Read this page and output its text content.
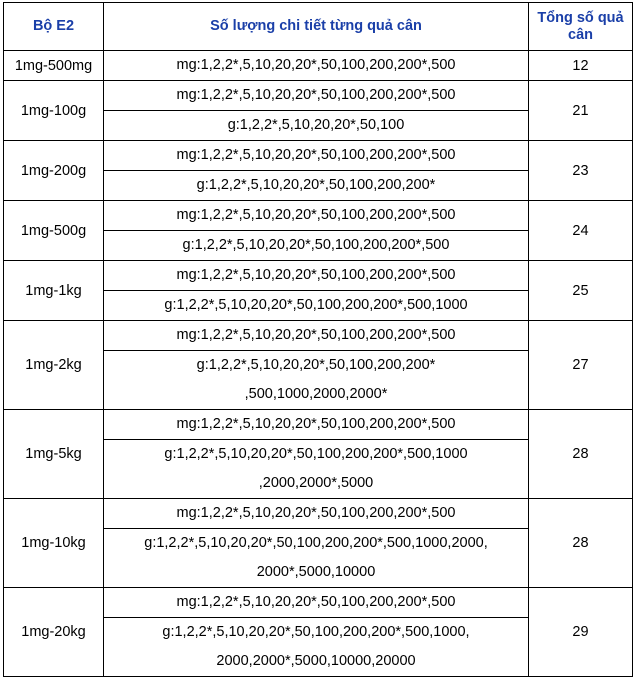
Bộ E2	Số lượng chi tiết từng quả cân	Tổng số quả cân
1mg-500mg	mg:1,2,2*,5,10,20,20*,50,100,200,200*,500	12
1mg-100g	mg:1,2,2*,5,10,20,20*,50,100,200,200*,500
g:1,2,2*,5,10,20,20*,50,100	21
1mg-200g	mg:1,2,2*,5,10,20,20*,50,100,200,200*,500
g:1,2,2*,5,10,20,20*,50,100,200,200*	23
1mg-500g	mg:1,2,2*,5,10,20,20*,50,100,200,200*,500
g:1,2,2*,5,10,20,20*,50,100,200,200*,500	24
1mg-1kg	mg:1,2,2*,5,10,20,20*,50,100,200,200*,500
g:1,2,2*,5,10,20,20*,50,100,200,200*,500,1000	25
1mg-2kg	mg:1,2,2*,5,10,20,20*,50,100,200,200*,500
g:1,2,2*,5,10,20,20*,50,100,200,200*
,500,1000,2000,2000*	27
1mg-5kg	mg:1,2,2*,5,10,20,20*,50,100,200,200*,500
g:1,2,2*,5,10,20,20*,50,100,200,200*,500,1000
,2000,2000*,5000	28
1mg-10kg	mg:1,2,2*,5,10,20,20*,50,100,200,200*,500
g:1,2,2*,5,10,20,20*,50,100,200,200*,500,1000,2000,
2000*,5000,10000	28
1mg-20kg	mg:1,2,2*,5,10,20,20*,50,100,200,200*,500
g:1,2,2*,5,10,20,20*,50,100,200,200*,500,1000,
2000,2000*,5000,10000,20000	29
